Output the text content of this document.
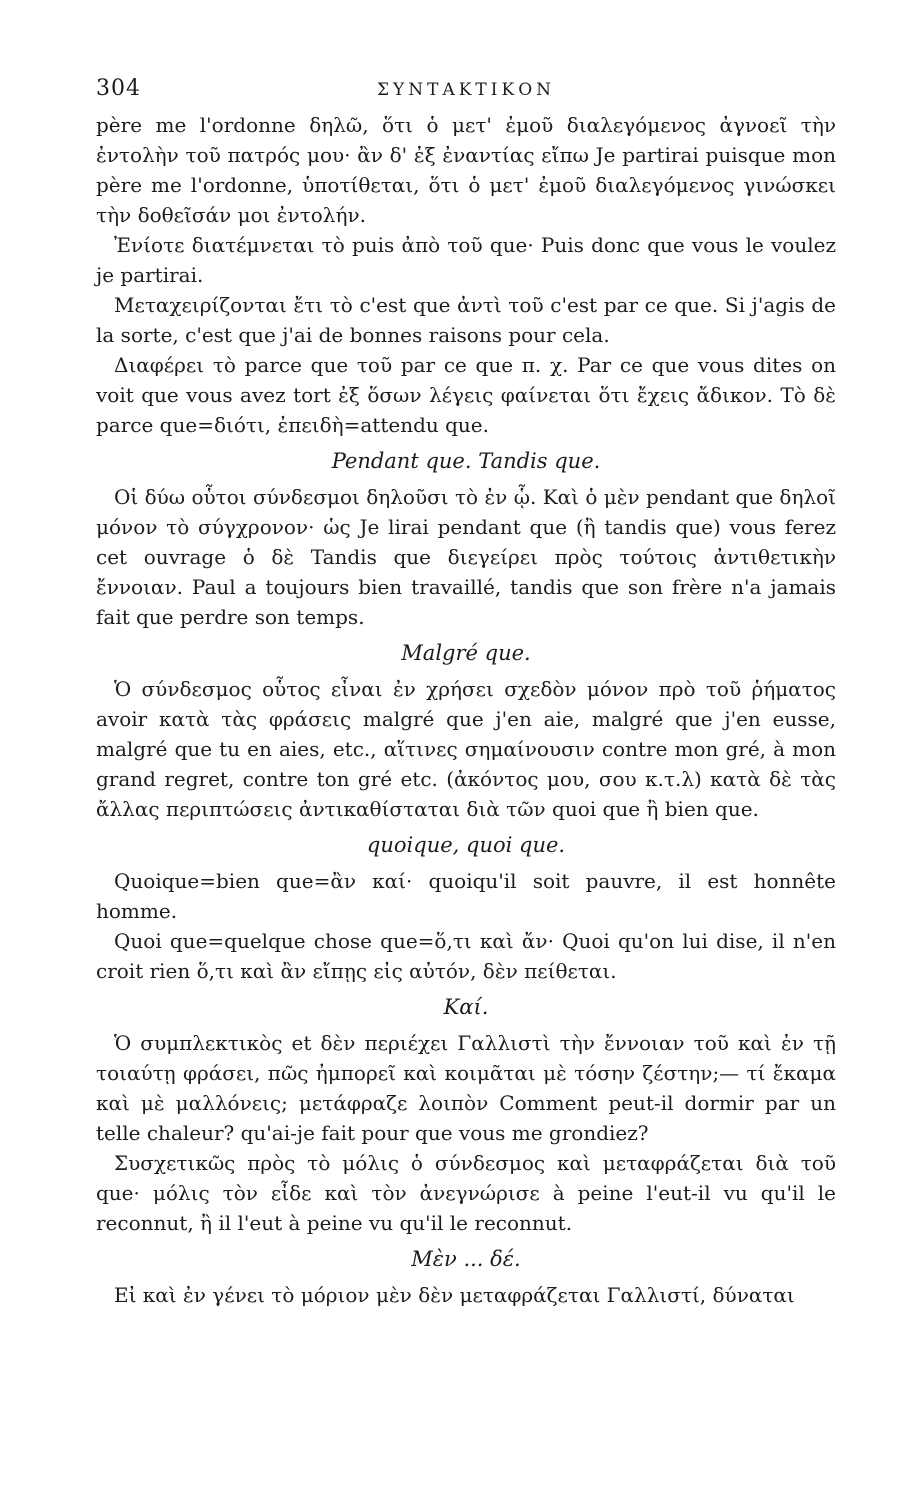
304	ΣΥΝΤΑΚΤΙΚΟΝ

père me l'ordonne δηλῶ, ὅτι ὁ μετ' ἐμοῦ διαλεγόμενος ἀγνοεῖ τὴν ἐντολὴν τοῦ πατρός μου· ἂν δ' ἐξ ἐναντίας εἴπω Je partirai puisque mon père me l'ordonne, ὑποτίθεται, ὅτι ὁ μετ' ἐμοῦ διαλεγόμενος γινώσκει τὴν δοθεῖσάν μοι ἐντολήν.

Ἐνίοτε διατέμνεται τὸ puis ἀπὸ τοῦ que· Puis donc que vous le voulez je partirai.

Μεταχειρίζονται ἔτι τὸ c'est que ἀντὶ τοῦ c'est par ce que. Si j'agis de la sorte, c'est que j'ai de bonnes raisons pour cela.

Διαφέρει τὸ parce que τοῦ par ce que π. χ. Par ce que vous dites on voit que vous avez tort ἐξ ὅσων λέγεις φαίνεται ὅτι ἔχεις ἄδικον. Τὸ δὲ parce que=διότι, ἐπειδὴ=attendu que.

Pendant que. Tandis que.

Οἱ δύω οὗτοι σύνδεσμοι δηλοῦσι τὸ ἐν ᾧ. Καὶ ὁ μὲν pendant que δηλοῖ μόνον τὸ σύγχρονον· ὡς Je lirai pendant que (ἢ tandis que) vous ferez cet ouvrage ὁ δὲ Tandis que διεγείρει πρὸς τούτοις ἀντιθετικὴν ἔννοιαν. Paul a toujours bien travaillé, tandis que son frère n'a jamais fait que perdre son temps.

Malgré que.

Ὁ σύνδεσμος οὗτος εἶναι ἐν χρήσει σχεδὸν μόνον πρὸ τοῦ ῥήματος avoir κατὰ τὰς φράσεις malgré que j'en aie, malgré que j'en eusse, malgré que tu en aies, etc., αἵτινες σημαίνουσιν contre mon gré, à mon grand regret, contre ton gré etc. (ἀκόντος μου, σου κ.τ.λ) κατὰ δὲ τὰς ἄλλας περιπτώσεις ἀντικαθίσταται διὰ τῶν quoi que ἢ bien que.

quoique, quoi que.

Quoique=bien que=ἂν καί· quoiqu'il soit pauvre, il est honnête homme.

Quoi que=quelque chose que=ὅ,τι καὶ ἄν· Quoi qu'on lui dise, il n'en croit rien ὅ,τι καὶ ἂν εἴπῃς εἰς αὐτόν, δὲν πείθεται.

Καί.

Ὁ συμπλεκτικὸς et δὲν περιέχει Γαλλιστὶ τὴν ἔννοιαν τοῦ καὶ ἐν τῇ τοιαύτῃ φράσει, πῶς ἠμπορεῖ καὶ κοιμᾶται μὲ τόσην ζέστην;— τί ἔκαμα καὶ μὲ μαλλόνεις; μετάφραζε λοιπὸν Comment peut-il dormir par un telle chaleur? qu'ai-je fait pour que vous me grondiez?

Συσχετικῶς πρὸς τὸ μόλις ὁ σύνδεσμος καὶ μεταφράζεται διὰ τοῦ que· μόλις τὸν εἶδε καὶ τὸν ἀνεγνώρισε à peine l'eut-il vu qu'il le reconnut, ἢ il l'eut à peine vu qu'il le reconnut.

Μὲν ... δέ.

Εἰ καὶ ἐν γένει τὸ μόριον μὲν δὲν μεταφράζεται Γαλλιστί, δύναται
